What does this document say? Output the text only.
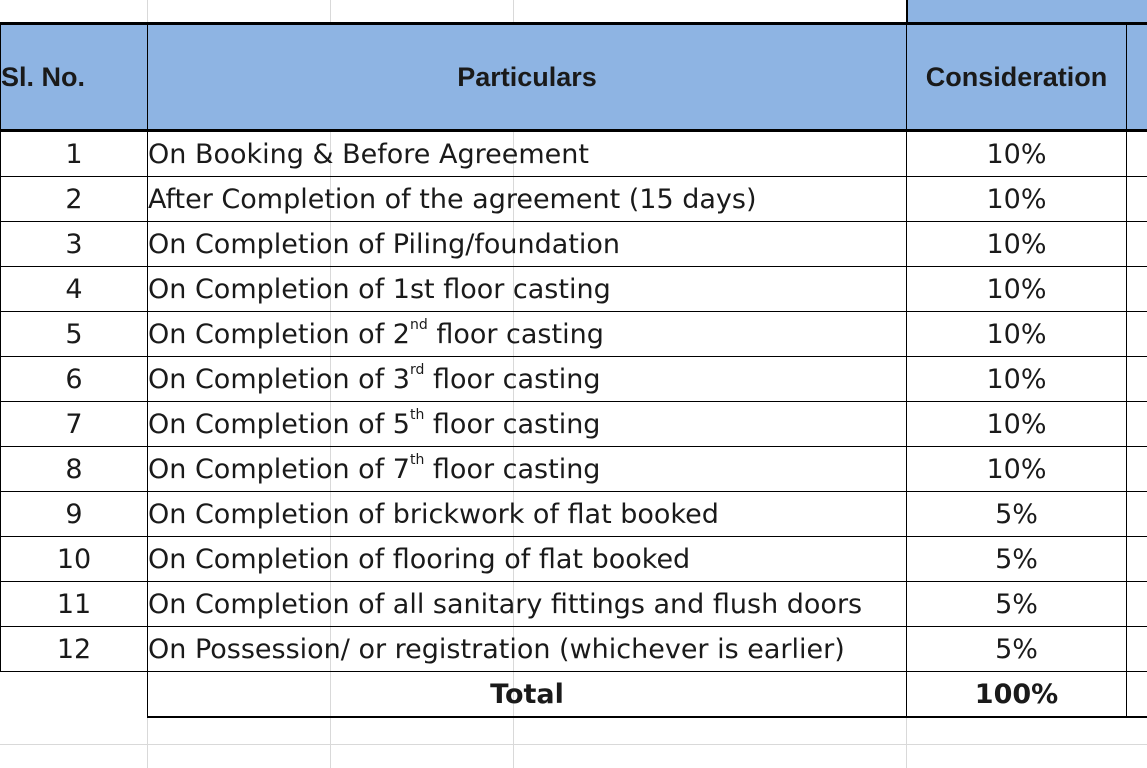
Sl. No.	Particulars	Consideration	
1	On Booking & Before Agreement	10%	
2	After Completion of the agreement (15 days)	10%	
3	On Completion of Piling/foundation	10%	
4	On Completion of 1st floor casting	10%	
5	On Completion of 2nd floor casting	10%	
6	On Completion of 3rd floor casting	10%	
7	On Completion of 5th floor casting	10%	
8	On Completion of 7th floor casting	10%	
9	On Completion of brickwork of flat booked	5%	
10	On Completion of flooring of flat booked	5%	
11	On Completion of all sanitary fittings and flush doors	5%	
12	On Possession/ or registration (whichever is earlier)	5%	
	Total	100%	
